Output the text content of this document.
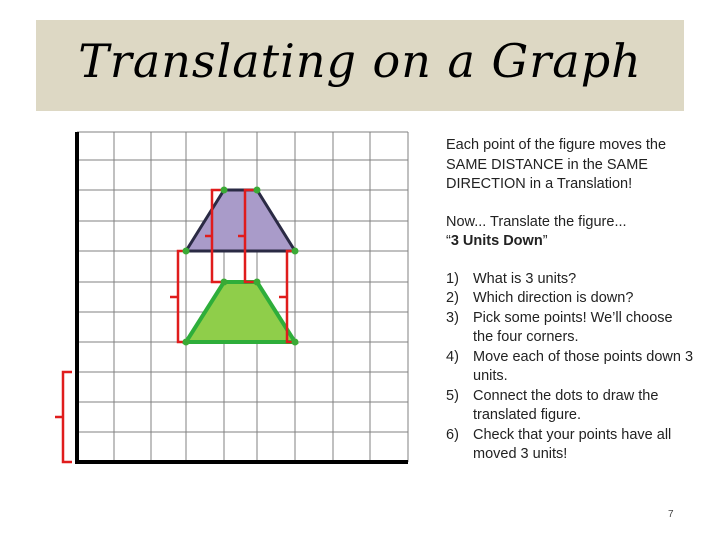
Translating on a Graph

Each point of the figure moves the SAME DISTANCE in the SAME DIRECTION in a Translation!

Now... Translate the figure...
“3 Units Down”

1) What is 3 units?
2) Which direction is down?
3) Pick some points! We’ll choose the four corners.
4) Move each of those points down 3 units.
5) Connect the dots to draw the translated figure.
6) Check that your points have all moved 3 units!
7
